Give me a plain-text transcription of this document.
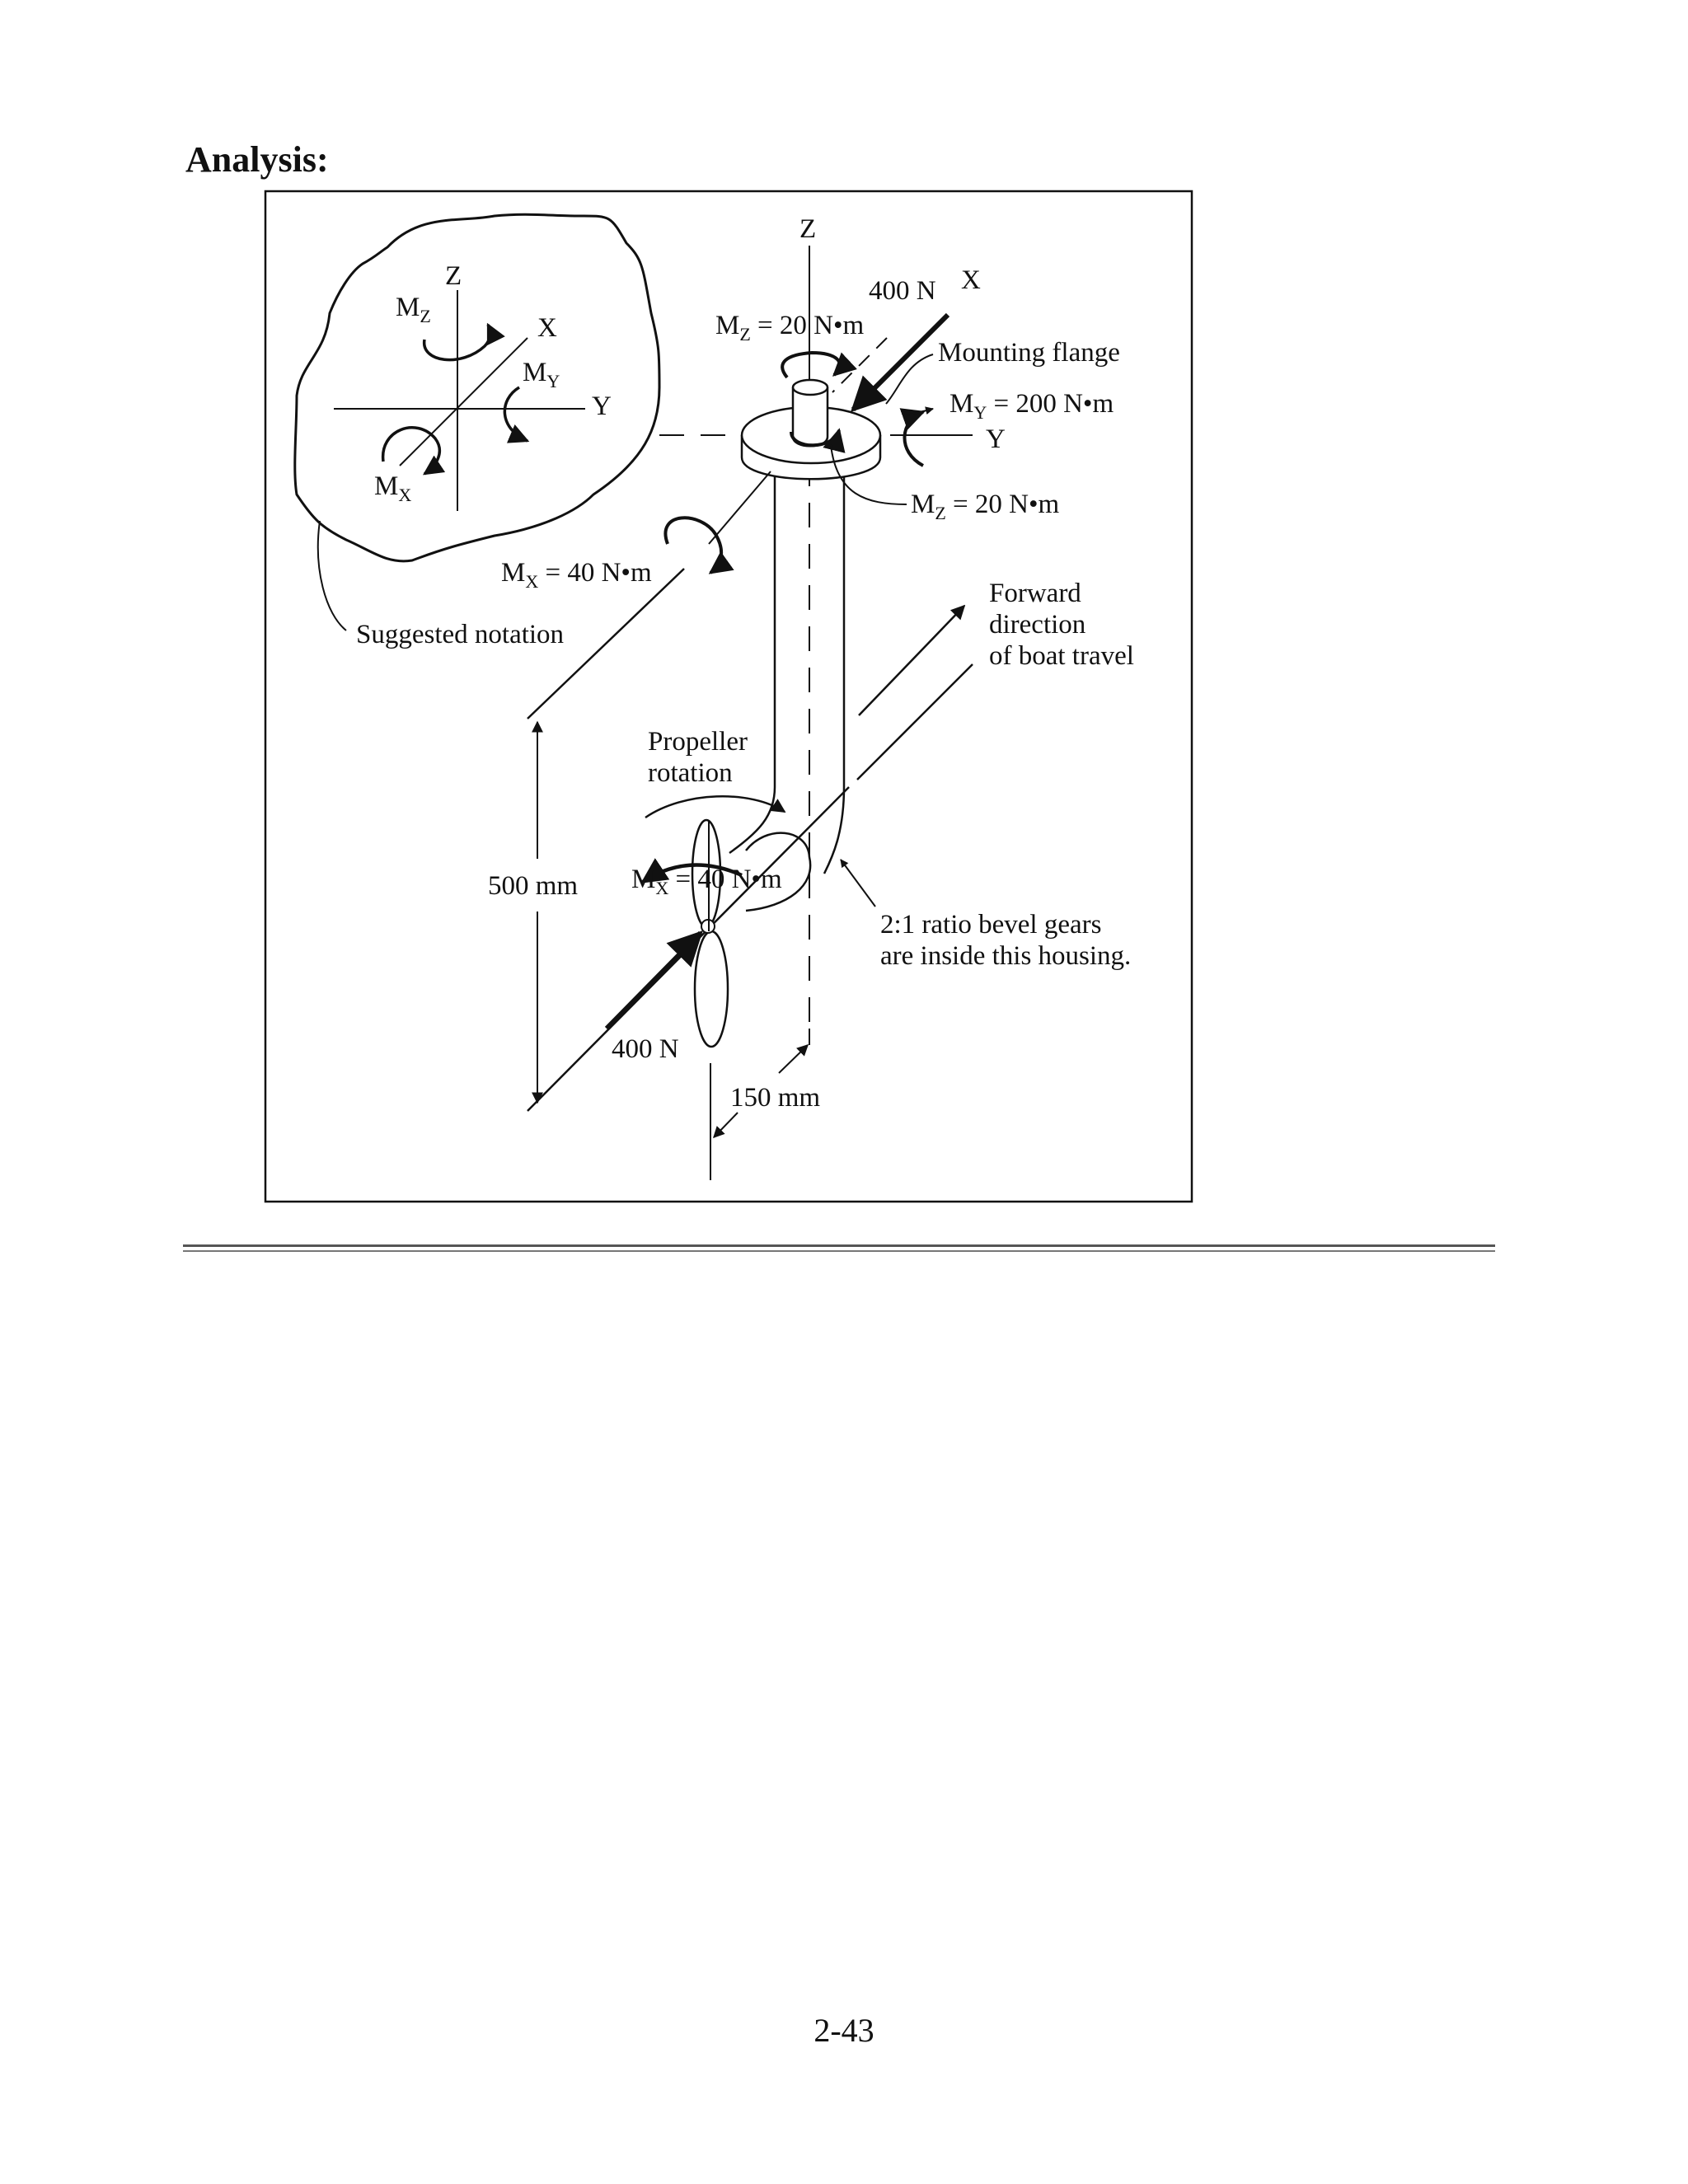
Analysis:
Z
X
Y
$M_Z$
$M_Y$
$M_X$
Suggested notation
Z
Y
X
400 N
400 N
$M_Z = 20$ N•m
$M_Z = 20$ N•m
$M_Y = 200$ N•m
Mounting flange
$M_X = 40$ N•m
Propeller rotation
$M_X = 40$ N•m
Forward direction of boat travel
2:1 ratio bevel gears are inside this housing.
500 mm
150 mm
2-43
